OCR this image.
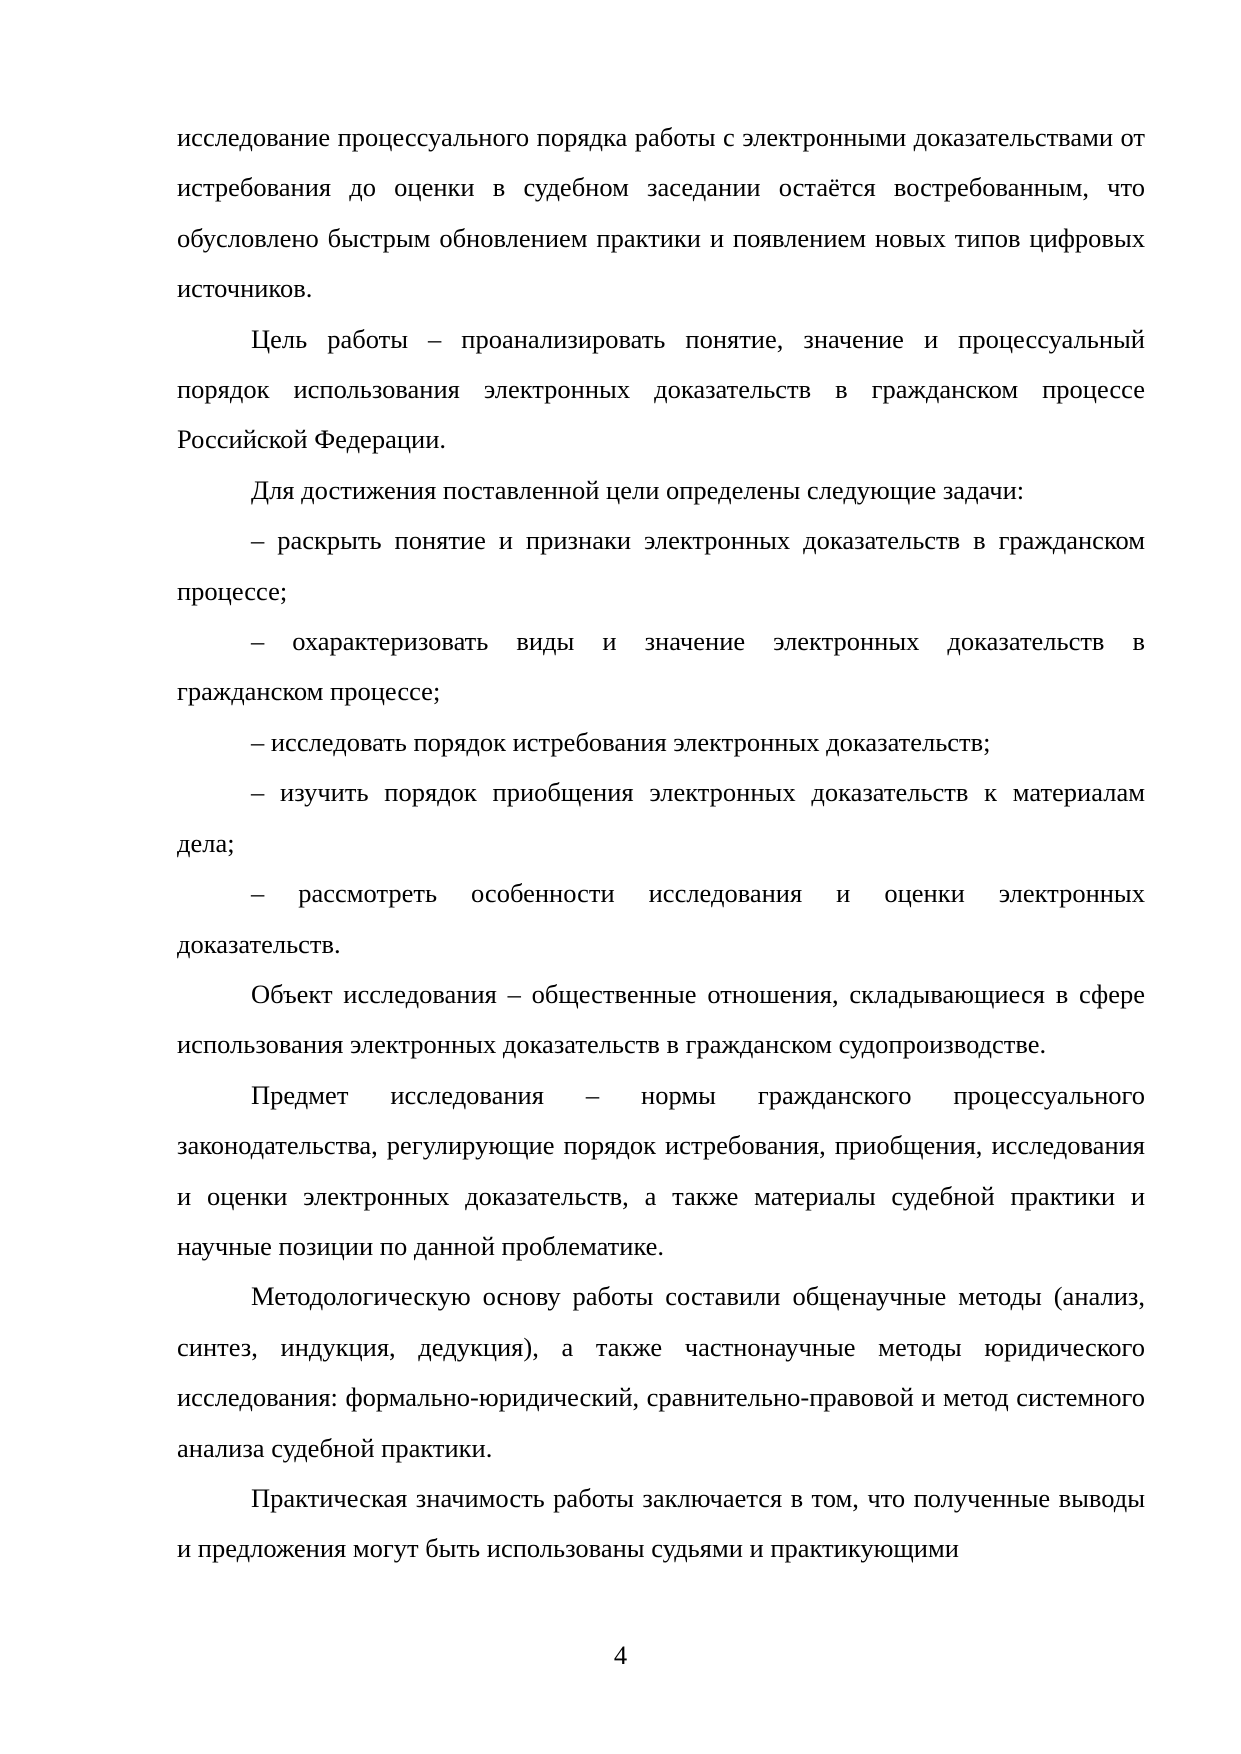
исследование процессуального порядка работы с электронными доказательствами от истребования до оценки в судебном заседании остаётся востребованным, что обусловлено быстрым обновлением практики и появлением новых типов цифровых источников.

Цель работы – проанализировать понятие, значение и процессуальный порядок использования электронных доказательств в гражданском процессе Российской Федерации.

Для достижения поставленной цели определены следующие задачи:

– раскрыть понятие и признаки электронных доказательств в гражданском процессе;

– охарактеризовать виды и значение электронных доказательств в гражданском процессе;

– исследовать порядок истребования электронных доказательств;

– изучить порядок приобщения электронных доказательств к материалам дела;

– рассмотреть особенности исследования и оценки электронных доказательств.

Объект исследования – общественные отношения, складывающиеся в сфере использования электронных доказательств в гражданском судопроизводстве.

Предмет исследования – нормы гражданского процессуального законодательства, регулирующие порядок истребования, приобщения, исследования и оценки электронных доказательств, а также материалы судебной практики и научные позиции по данной проблематике.

Методологическую основу работы составили общенаучные методы (анализ, синтез, индукция, дедукция), а также частнонаучные методы юридического исследования: формально-юридический, сравнительно-правовой и метод системного анализа судебной практики.

Практическая значимость работы заключается в том, что полученные выводы и предложения могут быть использованы судьями и практикующими

4
